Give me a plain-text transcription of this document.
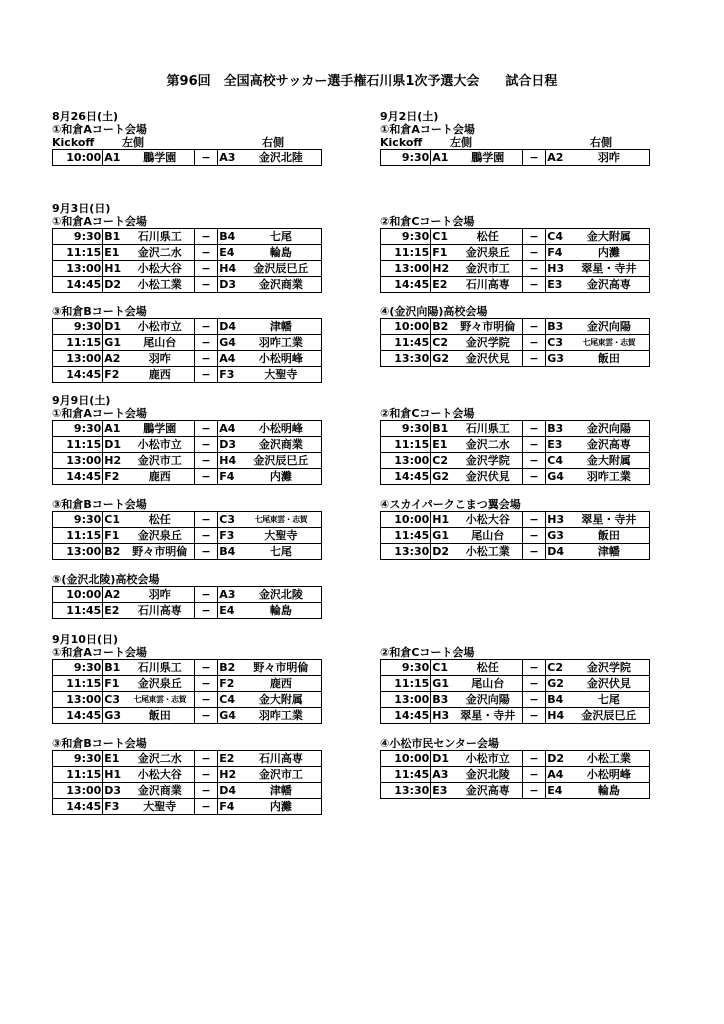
第96回　全国高校サッカー選手権石川県1次予選大会　　試合日程
8月26日(土)
①和倉Aコート会場
Kickoff	左側	右側
10:00	A1	鵬学園	−	A3	金沢北陸
9月2日(土)
①和倉Aコート会場
Kickoff	左側	右側
9:30	A1	鵬学園	−	A2	羽咋
9月3日(日)
①和倉Aコート会場
9:30	B1	石川県工	−	B4	七尾
11:15	E1	金沢二水	−	E4	輪島
13:00	H1	小松大谷	−	H4	金沢辰巳丘
14:45	D2	小松工業	−	D3	金沢商業
②和倉Cコート会場
9:30	C1	松任	−	C4	金大附属
11:15	F1	金沢泉丘	−	F4	内灘
13:00	H2	金沢市工	−	H3	翠星・寺井
14:45	E2	石川高専	−	E3	金沢高専
③和倉Bコート会場
9:30	D1	小松市立	−	D4	津幡
11:15	G1	尾山台	−	G4	羽咋工業
13:00	A2	羽咋	−	A4	小松明峰
14:45	F2	鹿西	−	F3	大聖寺
④(金沢向陽)高校会場
10:00	B2	野々市明倫	−	B3	金沢向陽
11:45	C2	金沢学院	−	C3	七尾東雲・志賀
13:30	G2	金沢伏見	−	G3	飯田
9月9日(土)
①和倉Aコート会場
9:30	A1	鵬学園	−	A4	小松明峰
11:15	D1	小松市立	−	D3	金沢商業
13:00	H2	金沢市工	−	H4	金沢辰巳丘
14:45	F2	鹿西	−	F4	内灘
②和倉Cコート会場
9:30	B1	石川県工	−	B3	金沢向陽
11:15	E1	金沢二水	−	E3	金沢高専
13:00	C2	金沢学院	−	C4	金大附属
14:45	G2	金沢伏見	−	G4	羽咋工業
③和倉Bコート会場
9:30	C1	松任	−	C3	七尾東雲・志賀
11:15	F1	金沢泉丘	−	F3	大聖寺
13:00	B2	野々市明倫	−	B4	七尾
④スカイパークこまつ翼会場
10:00	H1	小松大谷	−	H3	翠星・寺井
11:45	G1	尾山台	−	G3	飯田
13:30	D2	小松工業	−	D4	津幡
⑤(金沢北陵)高校会場
10:00	A2	羽咋	−	A3	金沢北陵
11:45	E2	石川高専	−	E4	輪島
9月10日(日)
①和倉Aコート会場
9:30	B1	石川県工	−	B2	野々市明倫
11:15	F1	金沢泉丘	−	F2	鹿西
13:00	C3	七尾東雲・志賀	−	C4	金大附属
14:45	G3	飯田	−	G4	羽咋工業
②和倉Cコート会場
9:30	C1	松任	−	C2	金沢学院
11:15	G1	尾山台	−	G2	金沢伏見
13:00	B3	金沢向陽	−	B4	七尾
14:45	H3	翠星・寺井	−	H4	金沢辰巳丘
③和倉Bコート会場
9:30	E1	金沢二水	−	E2	石川高専
11:15	H1	小松大谷	−	H2	金沢市工
13:00	D3	金沢商業	−	D4	津幡
14:45	F3	大聖寺	−	F4	内灘
④小松市民センター会場
10:00	D1	小松市立	−	D2	小松工業
11:45	A3	金沢北陵	−	A4	小松明峰
13:30	E3	金沢高専	−	E4	輪島
